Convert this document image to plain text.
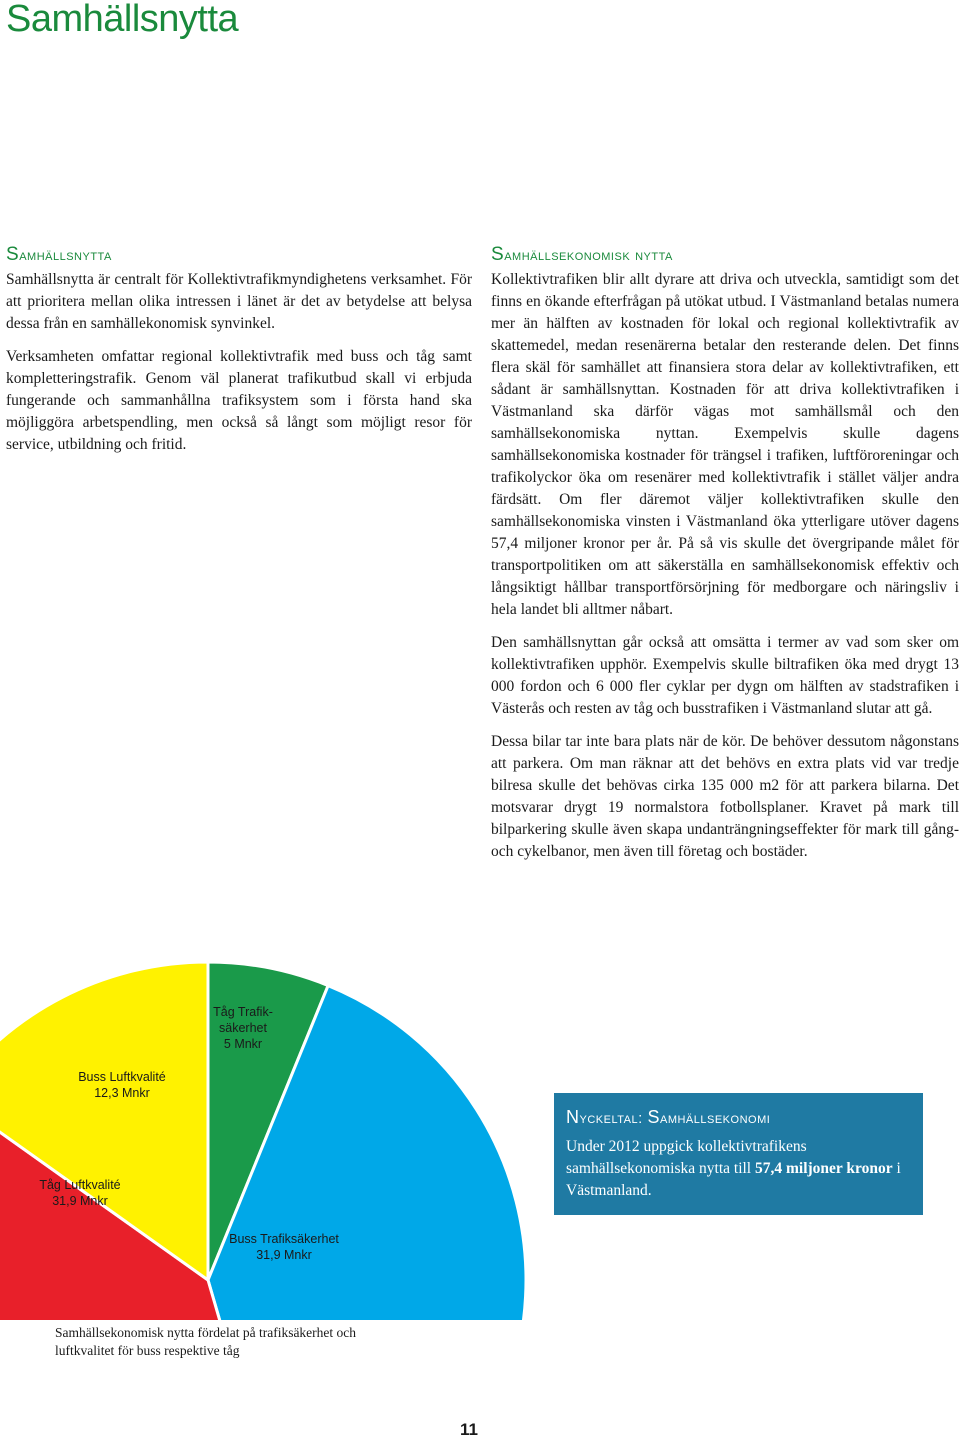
Samhällsnytta
Samhällsnytta

Samhällsnytta är centralt för Kollektivtrafikmyndighetens verksamhet. För att prioritera mellan olika intressen i länet är det av betydelse att belysa dessa från en samhällekonomisk synvinkel.

Verksamheten omfattar regional kollektivtrafik med buss och tåg samt kompletteringstrafik. Genom väl planerat trafikutbud skall vi erbjuda fungerande och sammanhållna trafiksystem som i första hand ska möjliggöra arbetspendling, men också så långt som möjligt resor för service, utbildning och fritid.

Samhällsekonomisk nytta

Kollektivtrafiken blir allt dyrare att driva och utveckla, samtidigt som det finns en ökande efterfrågan på utökat utbud. I Västmanland betalas numera mer än hälften av kostnaden för lokal och regional kollektivtrafik av skattemedel, medan resenärerna betalar den resterande delen. Det finns flera skäl för samhället att finansiera stora delar av kollektivtrafiken, ett sådant är samhällsnyttan. Kostnaden för att driva kollektivtrafiken i Västmanland ska därför vägas mot samhällsmål och den samhällsekonomiska nyttan. Exempelvis skulle dagens samhällsekonomiska kostnader för trängsel i trafiken, luftföroreningar och trafikolyckor öka om resenärer med kollektivtrafik i stället väljer andra färdsätt. Om fler däremot väljer kollektivtrafiken skulle den samhällsekonomiska vinsten i Västmanland öka ytterligare utöver dagens 57,4 miljoner kronor per år. På så vis skulle det övergripande målet för transportpolitiken om att säkerställa en samhällsekonomisk effektiv och långsiktigt hållbar transportförsörjning för medborgare och näringsliv i hela landet bli alltmer nåbart.

Den samhällsnyttan går också att omsätta i termer av vad som sker om kollektivtrafiken upphör. Exempelvis skulle biltrafiken öka med drygt 13 000 fordon och 6 000 fler cyklar per dygn om hälften av stadstrafiken i Västerås och resten av tåg och busstrafiken i Västmanland slutar att gå.

Dessa bilar tar inte bara plats när de kör. De behöver dessutom någonstans att parkera. Om man räknar att det behövs en extra plats vid var tredje bilresa skulle det behövas cirka 135 000 m2 för att parkera bilarna. Det motsvarar drygt 19 normalstora fotbollsplaner. Kravet på mark till bilparkering skulle även skapa undanträngningseffekter för mark till gång- och cykelbanor, men även till företag och bostäder.

Tåg Trafik-
säkerhet
5 Mnkr
Buss Trafiksäkerhet
31,9 Mnkr
Tåg Luftkvalité
31,9 Mnkr
Buss Luftkvalité
12,3 Mnkr
Samhällsekonomisk nytta fördelat på trafiksäkerhet och luftkvalitet för buss respektive tåg
Nyckeltal: Samhällsekonomi

Under 2012 uppgick kollektivtrafikens samhällsekonomiska nytta till 57,4 miljoner kronor i Västmanland.

11
